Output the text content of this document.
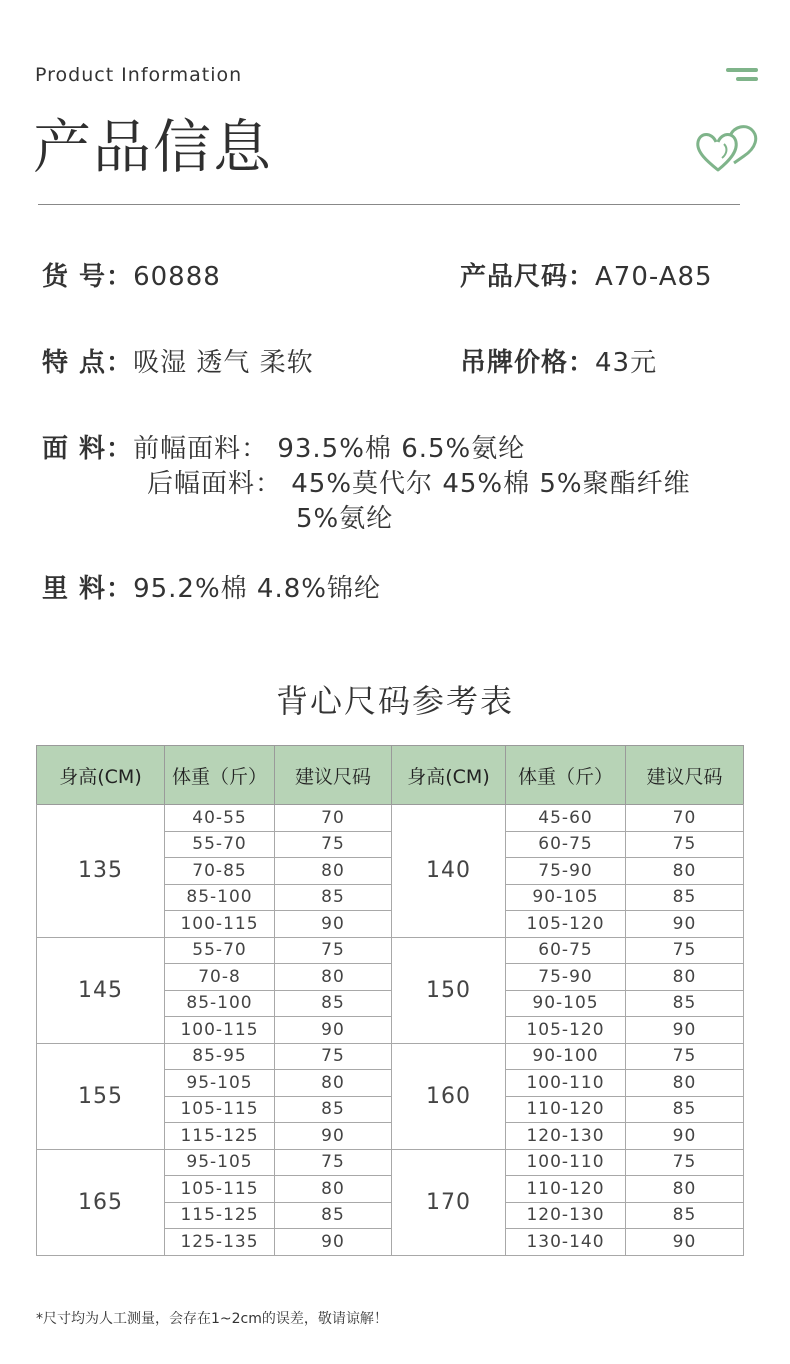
Product Information
产品信息
货 号：60888	产品尺码：A70-A85
特 点：吸湿 透气 柔软	吊牌价格：43元
面 料：前幅面料： 93.5%棉 6.5%氨纶
后幅面料： 45%莫代尔 45%棉 5%聚酯纤维
5%氨纶
里 料：95.2%棉 4.8%锦纶
背心尺码参考表
身高(CM)	体重（斤）	建议尺码	身高(CM)	体重（斤）	建议尺码
135	40-55	70	140	45-60	70
	55-70	75		60-75	75
	70-85	80		75-90	80
	85-100	85		90-105	85
	100-115	90		105-120	90
145	55-70	75	150	60-75	75
	70-8	80		75-90	80
	85-100	85		90-105	85
	100-115	90		105-120	90
155	85-95	75	160	90-100	75
	95-105	80		100-110	80
	105-115	85		110-120	85
	115-125	90		120-130	90
165	95-105	75	170	100-110	75
	105-115	80		110-120	80
	115-125	85		120-130	85
	125-135	90		130-140	90
*尺寸均为人工测量，会存在1~2cm的误差，敬请谅解！
